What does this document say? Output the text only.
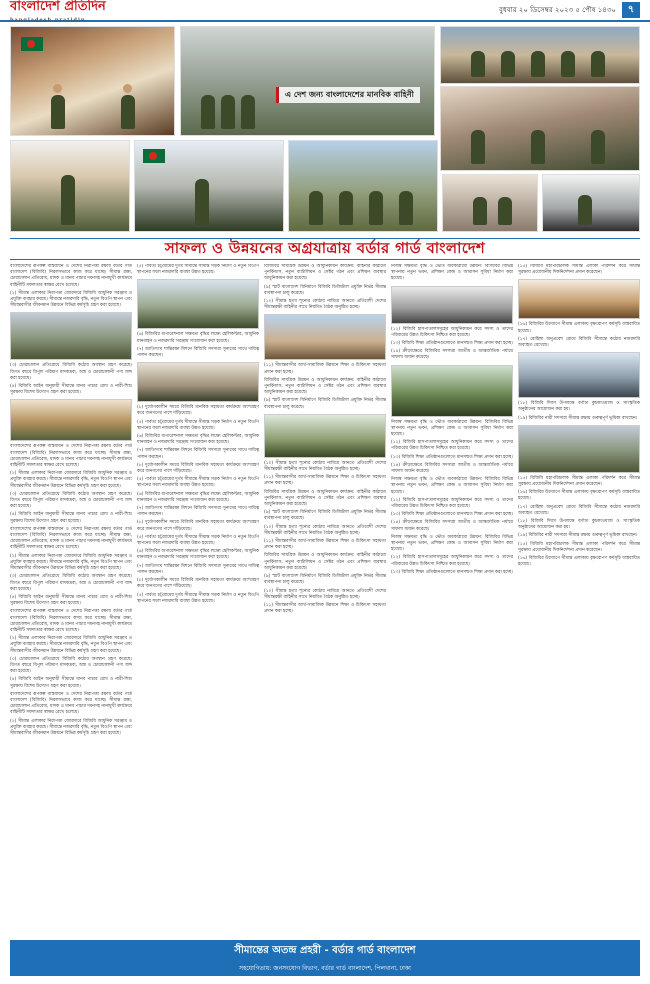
বাংলাদেশ প্রতিদিন
bangladesh pratidin
বুধবার ২০ ডিসেম্বর ২০২৩ ৫ পৌষ ১৪৩০	৭
এ দেশ জন্য বাংলাদেশের মানবিক বাহিনী
সাফল্য ও উন্নয়নের অগ্রযাত্রায় বর্ডার গার্ড বাংলাদেশ

বাংলাদেশের রূপকল্প বাস্তবায়ন ও দেশের নিরাপত্তা রক্ষায় বর্ডার গার্ড বাংলাদেশ (বিজিবি) নিরলসভাবে কাজ করে যাচ্ছে। সীমান্ত রক্ষা, চোরাচালান প্রতিরোধ, মাদক ও মানব পাচার দমনসহ নানামুখী কার্যক্রমে বাহিনীটি সফলতার স্বাক্ষর রেখে চলেছে।

(২) সীমান্ত এলাকার নিরাপত্তা জোরদারে বিজিবি আধুনিক সরঞ্জাম ও প্রযুক্তি ব্যবহার করছে। সীমান্তে নজরদারি বৃদ্ধি, নতুন বিওপি স্থাপন এবং সীমান্তবাসীর জীবনমান উন্নয়নে বিভিন্ন কর্মসূচি গ্রহণ করা হয়েছে।

(৩) চোরাচালান প্রতিরোধে বিজিবি কঠোর অবস্থান গ্রহণ করেছে। বিগত বছরে বিপুল পরিমাণ মাদকদ্রব্য, অস্ত্র ও চোরাচালানী পণ্য জব্দ করা হয়েছে।

(৪) বিজিবি আইন অনুযায়ী সীমান্তে মানব পাচার রোধ ও নারী-শিশু সুরক্ষায় বিশেষ উদ্যোগ গ্রহণ করা হয়েছে।

বাংলাদেশের রূপকল্প বাস্তবায়ন ও দেশের নিরাপত্তা রক্ষায় বর্ডার গার্ড বাংলাদেশ (বিজিবি) নিরলসভাবে কাজ করে যাচ্ছে। সীমান্ত রক্ষা, চোরাচালান প্রতিরোধ, মাদক ও মানব পাচার দমনসহ নানামুখী কার্যক্রমে বাহিনীটি সফলতার স্বাক্ষর রেখে চলেছে।

(২) সীমান্ত এলাকার নিরাপত্তা জোরদারে বিজিবি আধুনিক সরঞ্জাম ও প্রযুক্তি ব্যবহার করছে। সীমান্তে নজরদারি বৃদ্ধি, নতুন বিওপি স্থাপন এবং সীমান্তবাসীর জীবনমান উন্নয়নে বিভিন্ন কর্মসূচি গ্রহণ করা হয়েছে।

(৩) চোরাচালান প্রতিরোধে বিজিবি কঠোর অবস্থান গ্রহণ করেছে। বিগত বছরে বিপুল পরিমাণ মাদকদ্রব্য, অস্ত্র ও চোরাচালানী পণ্য জব্দ করা হয়েছে।

(৪) বিজিবি আইন অনুযায়ী সীমান্তে মানব পাচার রোধ ও নারী-শিশু সুরক্ষায় বিশেষ উদ্যোগ গ্রহণ করা হয়েছে।

বাংলাদেশের রূপকল্প বাস্তবায়ন ও দেশের নিরাপত্তা রক্ষায় বর্ডার গার্ড বাংলাদেশ (বিজিবি) নিরলসভাবে কাজ করে যাচ্ছে। সীমান্ত রক্ষা, চোরাচালান প্রতিরোধ, মাদক ও মানব পাচার দমনসহ নানামুখী কার্যক্রমে বাহিনীটি সফলতার স্বাক্ষর রেখে চলেছে।

(২) সীমান্ত এলাকার নিরাপত্তা জোরদারে বিজিবি আধুনিক সরঞ্জাম ও প্রযুক্তি ব্যবহার করছে। সীমান্তে নজরদারি বৃদ্ধি, নতুন বিওপি স্থাপন এবং সীমান্তবাসীর জীবনমান উন্নয়নে বিভিন্ন কর্মসূচি গ্রহণ করা হয়েছে।

(৩) চোরাচালান প্রতিরোধে বিজিবি কঠোর অবস্থান গ্রহণ করেছে। বিগত বছরে বিপুল পরিমাণ মাদকদ্রব্য, অস্ত্র ও চোরাচালানী পণ্য জব্দ করা হয়েছে।

(৪) বিজিবি আইন অনুযায়ী সীমান্তে মানব পাচার রোধ ও নারী-শিশু সুরক্ষায় বিশেষ উদ্যোগ গ্রহণ করা হয়েছে।

বাংলাদেশের রূপকল্প বাস্তবায়ন ও দেশের নিরাপত্তা রক্ষায় বর্ডার গার্ড বাংলাদেশ (বিজিবি) নিরলসভাবে কাজ করে যাচ্ছে। সীমান্ত রক্ষা, চোরাচালান প্রতিরোধ, মাদক ও মানব পাচার দমনসহ নানামুখী কার্যক্রমে বাহিনীটি সফলতার স্বাক্ষর রেখে চলেছে।

(২) সীমান্ত এলাকার নিরাপত্তা জোরদারে বিজিবি আধুনিক সরঞ্জাম ও প্রযুক্তি ব্যবহার করছে। সীমান্তে নজরদারি বৃদ্ধি, নতুন বিওপি স্থাপন এবং সীমান্তবাসীর জীবনমান উন্নয়নে বিভিন্ন কর্মসূচি গ্রহণ করা হয়েছে।

(৩) চোরাচালান প্রতিরোধে বিজিবি কঠোর অবস্থান গ্রহণ করেছে। বিগত বছরে বিপুল পরিমাণ মাদকদ্রব্য, অস্ত্র ও চোরাচালানী পণ্য জব্দ করা হয়েছে।

(৪) বিজিবি আইন অনুযায়ী সীমান্তে মানব পাচার রোধ ও নারী-শিশু সুরক্ষায় বিশেষ উদ্যোগ গ্রহণ করা হয়েছে।

বাংলাদেশের রূপকল্প বাস্তবায়ন ও দেশের নিরাপত্তা রক্ষায় বর্ডার গার্ড বাংলাদেশ (বিজিবি) নিরলসভাবে কাজ করে যাচ্ছে। সীমান্ত রক্ষা, চোরাচালান প্রতিরোধ, মাদক ও মানব পাচার দমনসহ নানামুখী কার্যক্রমে বাহিনীটি সফলতার স্বাক্ষর রেখে চলেছে।

(২) সীমান্ত এলাকার নিরাপত্তা জোরদারে বিজিবি আধুনিক সরঞ্জাম ও প্রযুক্তি ব্যবহার করছে। সীমান্তে নজরদারি বৃদ্ধি, নতুন বিওপি স্থাপন এবং সীমান্তবাসীর জীবনমান উন্নয়নে বিভিন্ন কর্মসূচি গ্রহণ করা হয়েছে।

(৫) পার্বত্য চট্টগ্রামের দুর্গম সীমান্তে সীমান্ত সড়ক নির্মাণ ও নতুন বিওপি স্থাপনের ফলে নজরদারি ব্যবস্থা উন্নত হয়েছে।

(৬) বিজিবির অপারেশনাল সক্ষমতা বৃদ্ধির লক্ষ্যে হেলিকপ্টার, আধুনিক যানবাহন ও নজরদারি সরঞ্জাম সংযোজন করা হয়েছে।

(৭) জাতিসংঘ শান্তিরক্ষা মিশনে বিজিবি সদস্যরা সুনামের সাথে দায়িত্ব পালন করছেন।

(৮) দুর্যোগকালীন সময়ে বিজিবি মানবিক সহায়তা কার্যক্রমে অংশগ্রহণ করে জনগণের পাশে দাঁড়িয়েছে।

(৫) পার্বত্য চট্টগ্রামের দুর্গম সীমান্তে সীমান্ত সড়ক নির্মাণ ও নতুন বিওপি স্থাপনের ফলে নজরদারি ব্যবস্থা উন্নত হয়েছে।

(৬) বিজিবির অপারেশনাল সক্ষমতা বৃদ্ধির লক্ষ্যে হেলিকপ্টার, আধুনিক যানবাহন ও নজরদারি সরঞ্জাম সংযোজন করা হয়েছে।

(৭) জাতিসংঘ শান্তিরক্ষা মিশনে বিজিবি সদস্যরা সুনামের সাথে দায়িত্ব পালন করছেন।

(৮) দুর্যোগকালীন সময়ে বিজিবি মানবিক সহায়তা কার্যক্রমে অংশগ্রহণ করে জনগণের পাশে দাঁড়িয়েছে।

(৫) পার্বত্য চট্টগ্রামের দুর্গম সীমান্তে সীমান্ত সড়ক নির্মাণ ও নতুন বিওপি স্থাপনের ফলে নজরদারি ব্যবস্থা উন্নত হয়েছে।

(৬) বিজিবির অপারেশনাল সক্ষমতা বৃদ্ধির লক্ষ্যে হেলিকপ্টার, আধুনিক যানবাহন ও নজরদারি সরঞ্জাম সংযোজন করা হয়েছে।

(৭) জাতিসংঘ শান্তিরক্ষা মিশনে বিজিবি সদস্যরা সুনামের সাথে দায়িত্ব পালন করছেন।

(৮) দুর্যোগকালীন সময়ে বিজিবি মানবিক সহায়তা কার্যক্রমে অংশগ্রহণ করে জনগণের পাশে দাঁড়িয়েছে।

(৫) পার্বত্য চট্টগ্রামের দুর্গম সীমান্তে সীমান্ত সড়ক নির্মাণ ও নতুন বিওপি স্থাপনের ফলে নজরদারি ব্যবস্থা উন্নত হয়েছে।

(৬) বিজিবির অপারেশনাল সক্ষমতা বৃদ্ধির লক্ষ্যে হেলিকপ্টার, আধুনিক যানবাহন ও নজরদারি সরঞ্জাম সংযোজন করা হয়েছে।

(৭) জাতিসংঘ শান্তিরক্ষা মিশনে বিজিবি সদস্যরা সুনামের সাথে দায়িত্ব পালন করছেন।

(৮) দুর্যোগকালীন সময়ে বিজিবি মানবিক সহায়তা কার্যক্রমে অংশগ্রহণ করে জনগণের পাশে দাঁড়িয়েছে।

(৫) পার্বত্য চট্টগ্রামের দুর্গম সীমান্তে সীমান্ত সড়ক নির্মাণ ও নতুন বিওপি স্থাপনের ফলে নজরদারি ব্যবস্থা উন্নত হয়েছে।

বিজিবির সামগ্রিক উন্নয়ন ও আধুনিকায়ন কার্যক্রম: বাহিনীর কাঠামো পুনর্বিন্যাস, নতুন ব্যাটালিয়ন ও সেক্টর গঠন এবং প্রশিক্ষণ ব্যবস্থার আধুনিকায়ন করা হয়েছে।

(৯) স্মার্ট বাংলাদেশ বিনির্মাণে বিজিবি ডিজিটাল প্রযুক্তি নির্ভর সীমান্ত ব্যবস্থাপনা চালু করেছে।

(১০) সীমান্ত হত্যা শূন্যের কোঠায় নামিয়ে আনতে প্রতিবেশী দেশের সীমান্তরক্ষী বাহিনীর সাথে নিয়মিত বৈঠক অনুষ্ঠিত হচ্ছে।

(১১) সীমান্তবাসীর আর্থ-সামাজিক উন্নয়নে শিক্ষা ও চিকিৎসা সহায়তা প্রদান করা হচ্ছে।

বিজিবির সামগ্রিক উন্নয়ন ও আধুনিকায়ন কার্যক্রম: বাহিনীর কাঠামো পুনর্বিন্যাস, নতুন ব্যাটালিয়ন ও সেক্টর গঠন এবং প্রশিক্ষণ ব্যবস্থার আধুনিকায়ন করা হয়েছে।

(৯) স্মার্ট বাংলাদেশ বিনির্মাণে বিজিবি ডিজিটাল প্রযুক্তি নির্ভর সীমান্ত ব্যবস্থাপনা চালু করেছে।

(১০) সীমান্ত হত্যা শূন্যের কোঠায় নামিয়ে আনতে প্রতিবেশী দেশের সীমান্তরক্ষী বাহিনীর সাথে নিয়মিত বৈঠক অনুষ্ঠিত হচ্ছে।

(১১) সীমান্তবাসীর আর্থ-সামাজিক উন্নয়নে শিক্ষা ও চিকিৎসা সহায়তা প্রদান করা হচ্ছে।

বিজিবির সামগ্রিক উন্নয়ন ও আধুনিকায়ন কার্যক্রম: বাহিনীর কাঠামো পুনর্বিন্যাস, নতুন ব্যাটালিয়ন ও সেক্টর গঠন এবং প্রশিক্ষণ ব্যবস্থার আধুনিকায়ন করা হয়েছে।

(৯) স্মার্ট বাংলাদেশ বিনির্মাণে বিজিবি ডিজিটাল প্রযুক্তি নির্ভর সীমান্ত ব্যবস্থাপনা চালু করেছে।

(১০) সীমান্ত হত্যা শূন্যের কোঠায় নামিয়ে আনতে প্রতিবেশী দেশের সীমান্তরক্ষী বাহিনীর সাথে নিয়মিত বৈঠক অনুষ্ঠিত হচ্ছে।

(১১) সীমান্তবাসীর আর্থ-সামাজিক উন্নয়নে শিক্ষা ও চিকিৎসা সহায়তা প্রদান করা হচ্ছে।

বিজিবির সামগ্রিক উন্নয়ন ও আধুনিকায়ন কার্যক্রম: বাহিনীর কাঠামো পুনর্বিন্যাস, নতুন ব্যাটালিয়ন ও সেক্টর গঠন এবং প্রশিক্ষণ ব্যবস্থার আধুনিকায়ন করা হয়েছে।

(৯) স্মার্ট বাংলাদেশ বিনির্মাণে বিজিবি ডিজিটাল প্রযুক্তি নির্ভর সীমান্ত ব্যবস্থাপনা চালু করেছে।

(১০) সীমান্ত হত্যা শূন্যের কোঠায় নামিয়ে আনতে প্রতিবেশী দেশের সীমান্তরক্ষী বাহিনীর সাথে নিয়মিত বৈঠক অনুষ্ঠিত হচ্ছে।

(১১) সীমান্তবাসীর আর্থ-সামাজিক উন্নয়নে শিক্ষা ও চিকিৎসা সহায়তা প্রদান করা হচ্ছে।

নিজস্ব সক্ষমতা বৃদ্ধি ও ভৌত অবকাঠামো উন্নয়ন: বিজিবির বিভিন্ন স্থাপনায় নতুন ভবন, প্রশিক্ষণ কেন্দ্র ও আবাসন সুবিধা নির্মাণ করা হয়েছে।

(১২) বিজিবি হাসপাতালসমূহের আধুনিকায়ন করে সদস্য ও তাদের পরিবারের উন্নত চিকিৎসা নিশ্চিত করা হয়েছে।

(১৩) বিজিবি শিক্ষা প্রতিষ্ঠানগুলোতে মানসম্মত শিক্ষা প্রদান করা হচ্ছে।

(১৪) ক্রীড়াক্ষেত্রে বিজিবির সদস্যরা জাতীয় ও আন্তর্জাতিক পর্যায়ে সাফল্য অর্জন করেছে।

নিজস্ব সক্ষমতা বৃদ্ধি ও ভৌত অবকাঠামো উন্নয়ন: বিজিবির বিভিন্ন স্থাপনায় নতুন ভবন, প্রশিক্ষণ কেন্দ্র ও আবাসন সুবিধা নির্মাণ করা হয়েছে।

(১২) বিজিবি হাসপাতালসমূহের আধুনিকায়ন করে সদস্য ও তাদের পরিবারের উন্নত চিকিৎসা নিশ্চিত করা হয়েছে।

(১৩) বিজিবি শিক্ষা প্রতিষ্ঠানগুলোতে মানসম্মত শিক্ষা প্রদান করা হচ্ছে।

(১৪) ক্রীড়াক্ষেত্রে বিজিবির সদস্যরা জাতীয় ও আন্তর্জাতিক পর্যায়ে সাফল্য অর্জন করেছে।

নিজস্ব সক্ষমতা বৃদ্ধি ও ভৌত অবকাঠামো উন্নয়ন: বিজিবির বিভিন্ন স্থাপনায় নতুন ভবন, প্রশিক্ষণ কেন্দ্র ও আবাসন সুবিধা নির্মাণ করা হয়েছে।

(১২) বিজিবি হাসপাতালসমূহের আধুনিকায়ন করে সদস্য ও তাদের পরিবারের উন্নত চিকিৎসা নিশ্চিত করা হয়েছে।

(১৩) বিজিবি শিক্ষা প্রতিষ্ঠানগুলোতে মানসম্মত শিক্ষা প্রদান করা হচ্ছে।

(১৪) ক্রীড়াক্ষেত্রে বিজিবির সদস্যরা জাতীয় ও আন্তর্জাতিক পর্যায়ে সাফল্য অর্জন করেছে।

নিজস্ব সক্ষমতা বৃদ্ধি ও ভৌত অবকাঠামো উন্নয়ন: বিজিবির বিভিন্ন স্থাপনায় নতুন ভবন, প্রশিক্ষণ কেন্দ্র ও আবাসন সুবিধা নির্মাণ করা হয়েছে।

(১২) বিজিবি হাসপাতালসমূহের আধুনিকায়ন করে সদস্য ও তাদের পরিবারের উন্নত চিকিৎসা নিশ্চিত করা হয়েছে।

(১৩) বিজিবি শিক্ষা প্রতিষ্ঠানগুলোতে মানসম্মত শিক্ষা প্রদান করা হচ্ছে।

(১৫) বিজিবি মহাপরিচালক সীমান্ত এলাকা পরিদর্শন করে সীমান্ত সুরক্ষায় প্রয়োজনীয় দিকনির্দেশনা প্রদান করেছেন।

(১৬) বিজিবির উদ্যোগে সীমান্ত এলাকায় বৃক্ষরোপণ কর্মসূচি বাস্তবায়িত হয়েছে।

(১৭) রোহিঙ্গা অনুপ্রবেশ রোধে বিজিবি সীমান্তে কঠোর নজরদারি অব্যাহত রেখেছে।

(১৮) বিজিবি দিবস উপলক্ষে বর্ণাঢ্য কুচকাওয়াজ ও সাংস্কৃতিক অনুষ্ঠানের আয়োজন করা হয়।

(১৯) বিজিবির নারী সদস্যরা সীমান্ত রক্ষায় গুরুত্বপূর্ণ ভূমিকা রাখছেন।

(১৫) বিজিবি মহাপরিচালক সীমান্ত এলাকা পরিদর্শন করে সীমান্ত সুরক্ষায় প্রয়োজনীয় দিকনির্দেশনা প্রদান করেছেন।

(১৬) বিজিবির উদ্যোগে সীমান্ত এলাকায় বৃক্ষরোপণ কর্মসূচি বাস্তবায়িত হয়েছে।

(১৭) রোহিঙ্গা অনুপ্রবেশ রোধে বিজিবি সীমান্তে কঠোর নজরদারি অব্যাহত রেখেছে।

(১৮) বিজিবি দিবস উপলক্ষে বর্ণাঢ্য কুচকাওয়াজ ও সাংস্কৃতিক অনুষ্ঠানের আয়োজন করা হয়।

(১৯) বিজিবির নারী সদস্যরা সীমান্ত রক্ষায় গুরুত্বপূর্ণ ভূমিকা রাখছেন।

(১৫) বিজিবি মহাপরিচালক সীমান্ত এলাকা পরিদর্শন করে সীমান্ত সুরক্ষায় প্রয়োজনীয় দিকনির্দেশনা প্রদান করেছেন।

(১৬) বিজিবির উদ্যোগে সীমান্ত এলাকায় বৃক্ষরোপণ কর্মসূচি বাস্তবায়িত হয়েছে।

সীমান্তের অতন্দ্র প্রহরী - বর্ডার গার্ড বাংলাদেশ
সহযোগিতায়: জনসংযোগ বিভাগ, বর্ডার গার্ড বাংলাদেশ, পিলখানা, ঢাকা
